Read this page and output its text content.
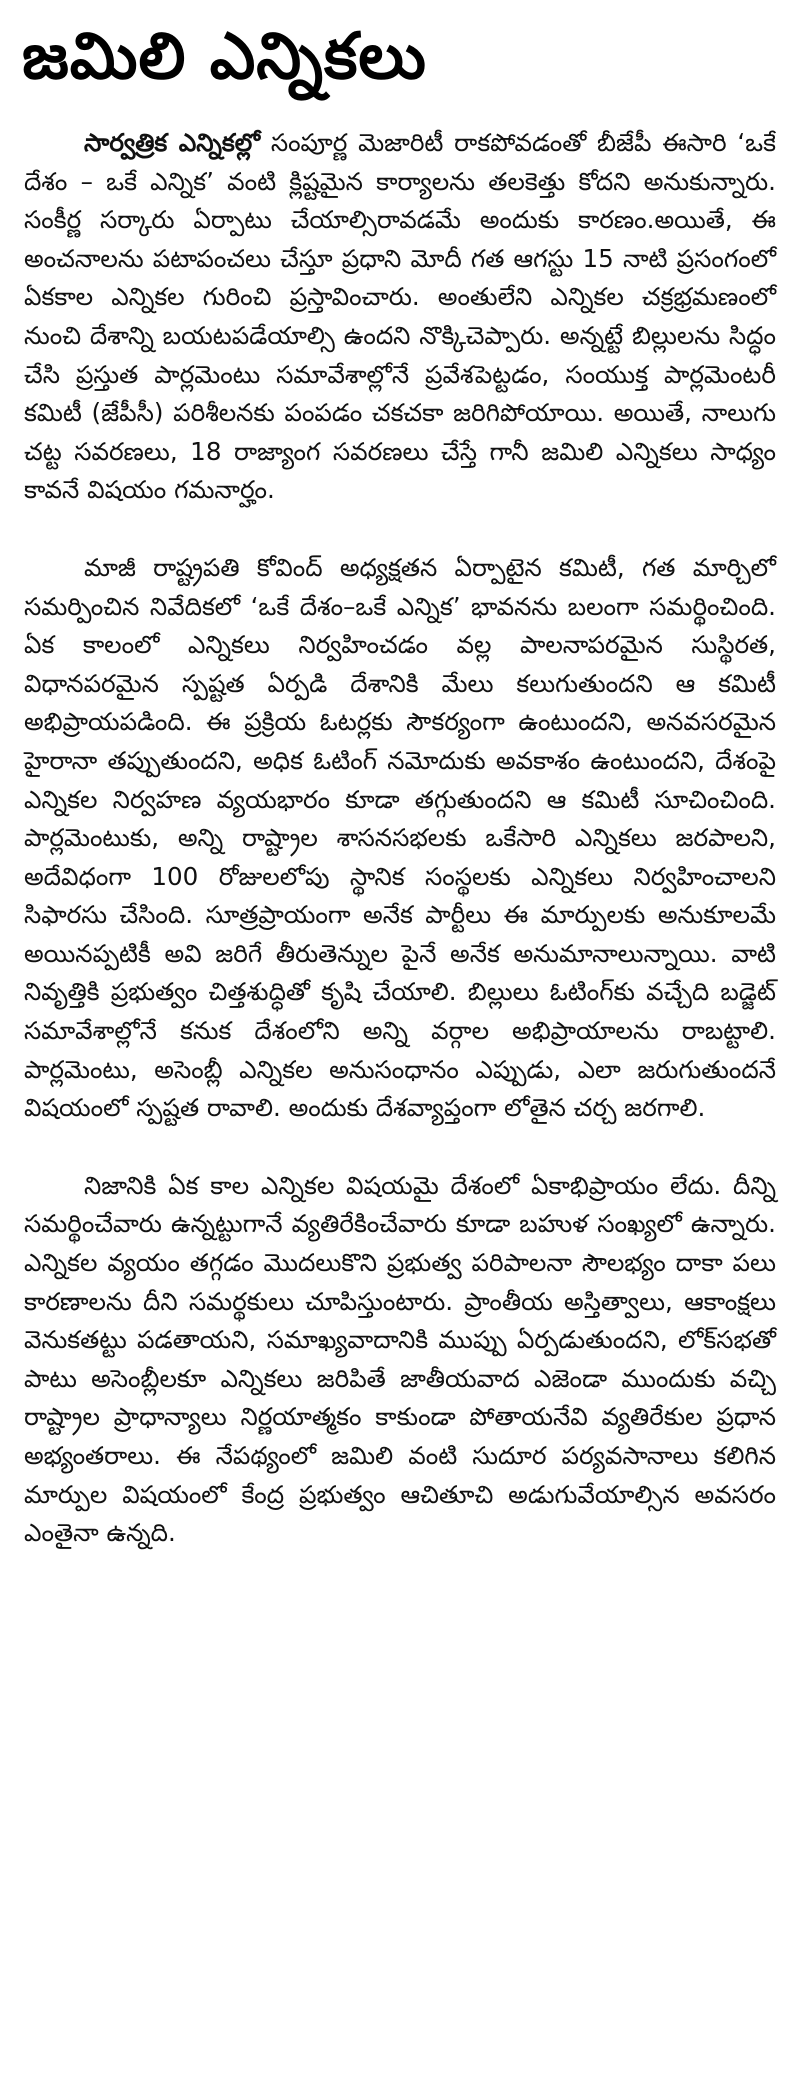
జమిలి ఎన్నికలు

సార్వత్రిక ఎన్నికల్లో సంపూర్ణ మెజారిటీ రాకపోవడంతో బీజేపీ ఈసారి ‘ఒకే దేశం – ఒకే ఎన్నిక’ వంటి క్లిష్టమైన కార్యాలను తలకెత్తు కోదని అనుకున్నారు. సంకీర్ణ సర్కారు ఏర్పాటు చేయాల్సిరావడమే అందుకు కారణం.అయితే, ఈ అంచనాలను పటాపంచలు చేస్తూ ప్రధాని మోదీ గత ఆగస్టు 15 నాటి ప్రసంగంలో ఏకకాల ఎన్నికల గురించి ప్రస్తావించారు. అంతులేని ఎన్నికల చక్రభ్రమణంలో నుంచి దేశాన్ని బయటపడేయాల్సి ఉందని నొక్కిచెప్పారు. అన్నట్టే బిల్లులను సిద్ధం చేసి ప్రస్తుత పార్లమెంటు సమావేశాల్లోనే ప్రవేశపెట్టడం, సంయుక్త పార్లమెంటరీ కమిటీ (జేపీసీ) పరిశీలనకు పంపడం చకచకా జరిగిపోయాయి. అయితే, నాలుగు చట్ట సవరణలు, 18 రాజ్యాంగ సవరణలు చేస్తే గానీ జమిలి ఎన్నికలు సాధ్యం కావనే విషయం గమనార్హం.

మాజీ రాష్ట్రపతి కోవింద్ అధ్యక్షతన ఏర్పాటైన కమిటీ, గత మార్చిలో సమర్పించిన నివేదికలో ‘ఒకే దేశం–ఒకే ఎన్నిక’ భావనను బలంగా సమర్థించింది. ఏక కాలంలో ఎన్నికలు నిర్వహించడం వల్ల పాలనాపరమైన సుస్థిరత, విధానపరమైన స్పష్టత ఏర్పడి దేశానికి మేలు కలుగుతుందని ఆ కమిటీ అభిప్రాయపడింది. ఈ ప్రక్రియ ఓటర్లకు సౌకర్యంగా ఉంటుందని, అనవసరమైన హైరానా తప్పుతుందని, అధిక ఓటింగ్ నమోదుకు అవకాశం ఉంటుందని, దేశంపై ఎన్నికల నిర్వహణ వ్యయభారం కూడా తగ్గుతుందని ఆ కమిటీ సూచించింది. పార్లమెంటుకు, అన్ని రాష్ట్రాల శాసనసభలకు ఒకేసారి ఎన్నికలు జరపాలని, అదేవిధంగా 100 రోజులలోపు స్థానిక సంస్థలకు ఎన్నికలు నిర్వహించాలని సిఫారసు చేసింది. సూత్రప్రాయంగా అనేక పార్టీలు ఈ మార్పులకు అనుకూలమే అయినప్పటికీ అవి జరిగే తీరుతెన్నుల పైనే అనేక అనుమానాలున్నాయి. వాటి నివృత్తికి ప్రభుత్వం చిత్తశుద్ధితో కృషి చేయాలి. బిల్లులు ఓటింగ్‌కు వచ్చేది బడ్జెట్ సమావేశాల్లోనే కనుక దేశంలోని అన్ని వర్గాల అభిప్రాయాలను రాబట్టాలి. పార్లమెంటు, అసెంబ్లీ ఎన్నికల అనుసంధానం ఎప్పుడు, ఎలా జరుగుతుందనే విషయంలో స్పష్టత రావాలి. అందుకు దేశవ్యాప్తంగా లోతైన చర్చ జరగాలి.

నిజానికి ఏక కాల ఎన్నికల విషయమై దేశంలో ఏకాభిప్రాయం లేదు. దీన్ని సమర్థించేవారు ఉన్నట్టుగానే వ్యతిరేకించేవారు కూడా బహుళ సంఖ్యలో ఉన్నారు. ఎన్నికల వ్యయం తగ్గడం మొదలుకొని ప్రభుత్వ పరిపాలనా సౌలభ్యం దాకా పలు కారణాలను దీని సమర్థకులు చూపిస్తుంటారు. ప్రాంతీయ అస్తిత్వాలు, ఆకాంక్షలు వెనుకతట్టు పడతాయని, సమాఖ్యవాదానికి ముప్పు ఏర్పడుతుందని, లోక్‌సభతో పాటు అసెంబ్లీలకూ ఎన్నికలు జరిపితే జాతీయవాద ఎజెండా ముందుకు వచ్చి రాష్ట్రాల ప్రాధాన్యాలు నిర్ణయాత్మకం కాకుండా పోతాయనేవి వ్యతిరేకుల ప్రధాన అభ్యంతరాలు. ఈ నేపథ్యంలో జమిలి వంటి సుదూర పర్యవసానాలు కలిగిన మార్పుల విషయంలో కేంద్ర ప్రభుత్వం ఆచితూచి అడుగువేయాల్సిన అవసరం ఎంతైనా ఉన్నది.
